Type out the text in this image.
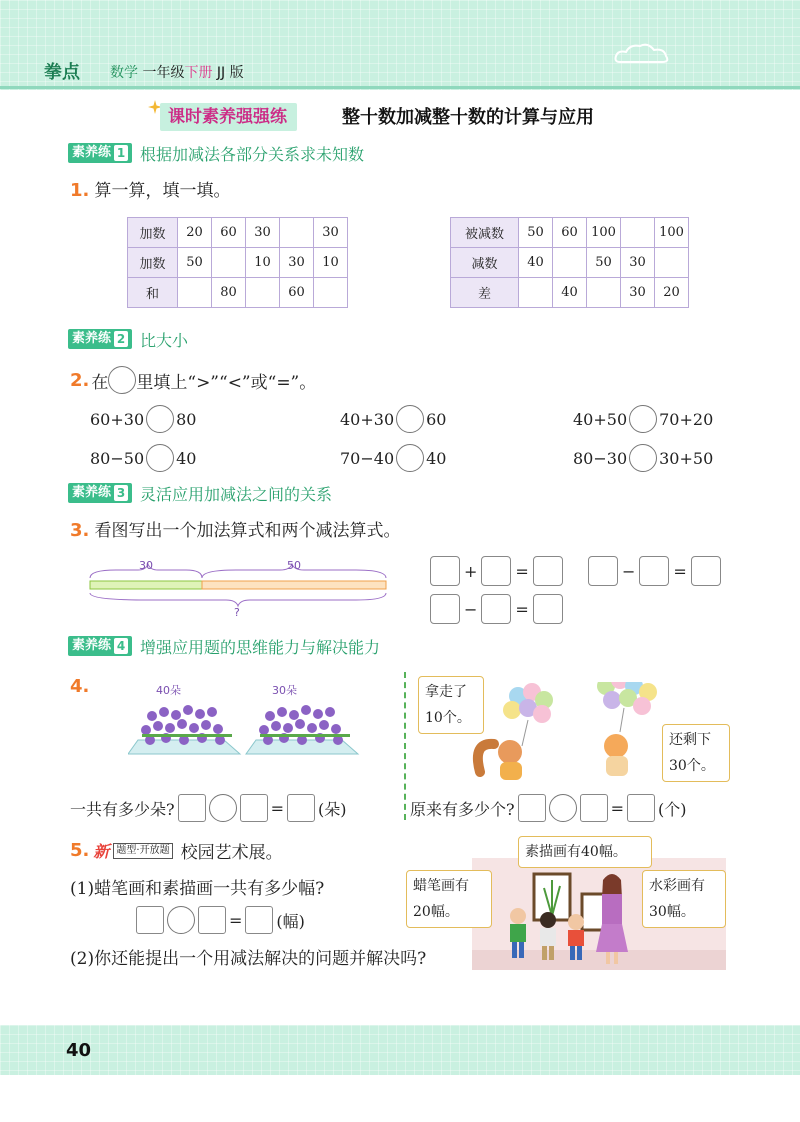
拳点	数学 一年级下册 JJ 版
课时素养强强练	整十数加减整十数的计算与应用
素养练 1 根据加减法各部分关系求未知数
1. 算一算，填一填。
加数	20	60	30		30
加数	50		10	30	10
和		80		60	
被减数	50	60	100		100
减数	40		50	30	
差		40		30	20
素养练 2 比大小
2. 在 里填上“>”“<”或“=”。
60+30 80	40+30 60	40+50 70+20
80−50 40	70−40 40	80−30 30+50
素养练 3 灵活应用加减法之间的关系
3. 看图写出一个加法算式和两个减法算式。
30	50
?
+ =	− =
− =
素养练 4 增强应用题的思维能力与解决能力
4.	40朵	30朵	拿走了
10个。
还剩下
30个。
一共有多少朵?	= (朵)	原来有多少个?	= (个)
5. 新 题型·开放题 校园艺术展。
(1)蜡笔画和素描画一共有多少幅?
= (幅)
(2)你还能提出一个用减法解决的问题并解决吗?
素描画有40幅。
蜡笔画有
20幅。
水彩画有
30幅。
40
